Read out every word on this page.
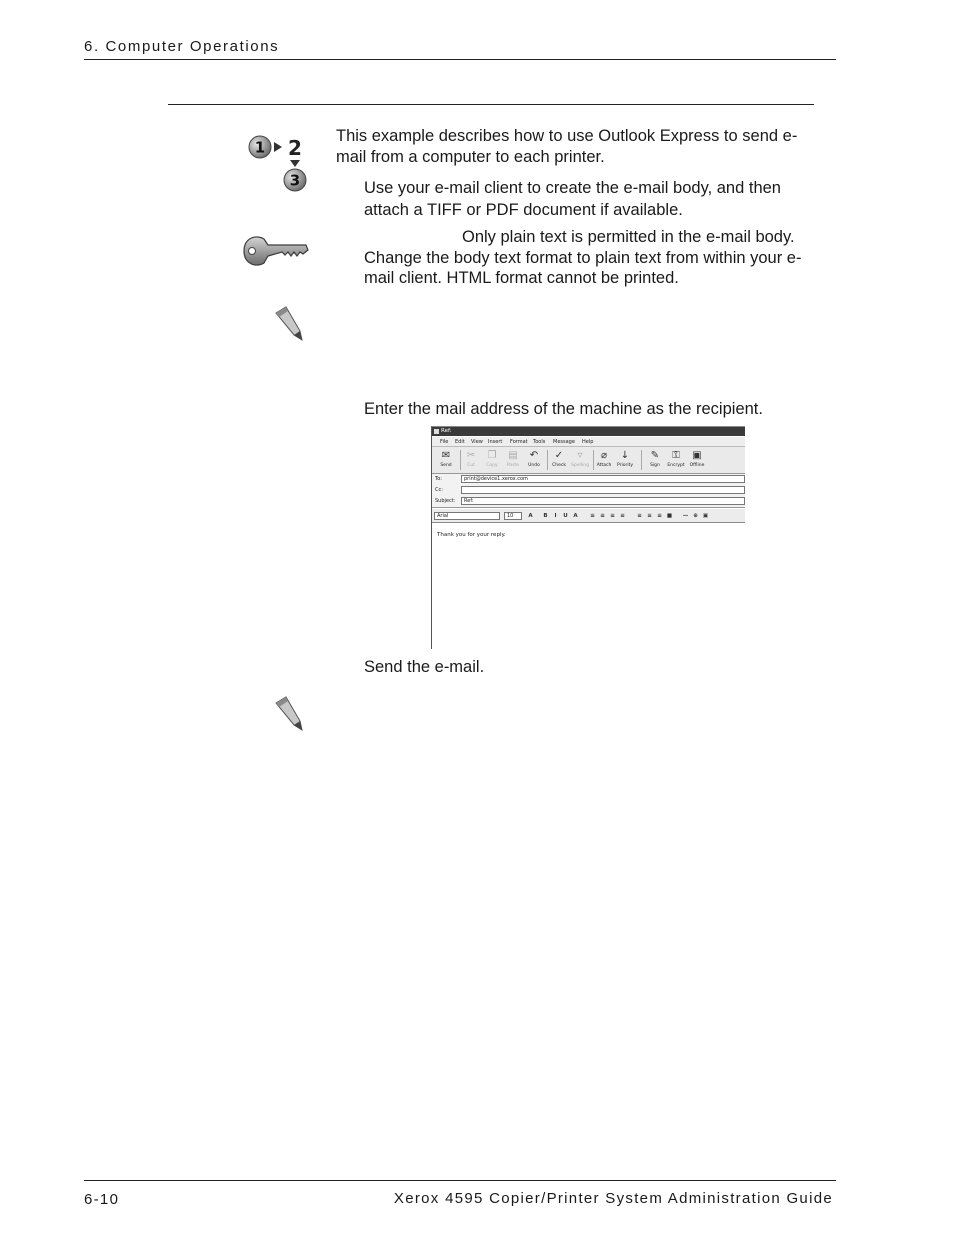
6. Computer Operations
1 2
3
This example describes how to use Outlook Express to send e-mail from a computer to each printer.
Use your e-mail client to create the e-mail body, and then attach a TIFF or PDF document if available.
Only plain text is permitted in the e-mail body. Change the body text format to plain text from within your e-mail client. HTML format cannot be printed.
Enter the mail address of the machine as the recipient.
Ref:
File Edit View Insert Format Tools Message Help
✉
Send
✂
Cut
❐
Copy
▤
Paste
↶
Undo
✓
Check
▿
Spelling
⌀
Attach
↓
Priority
✎
Sign
⚿
Encrypt
▣
Offline
To:	print@device1.xerox.com
Cc:
Subject:	Ref:
Arial	10	A B	I	U A ≡ ≡ ≡ ≡ ≡ ≡ ≡ ■ — ⊕ ▣

Thank you for your reply.

Send the e-mail.
6-10	Xerox 4595 Copier/Printer System Administration Guide
